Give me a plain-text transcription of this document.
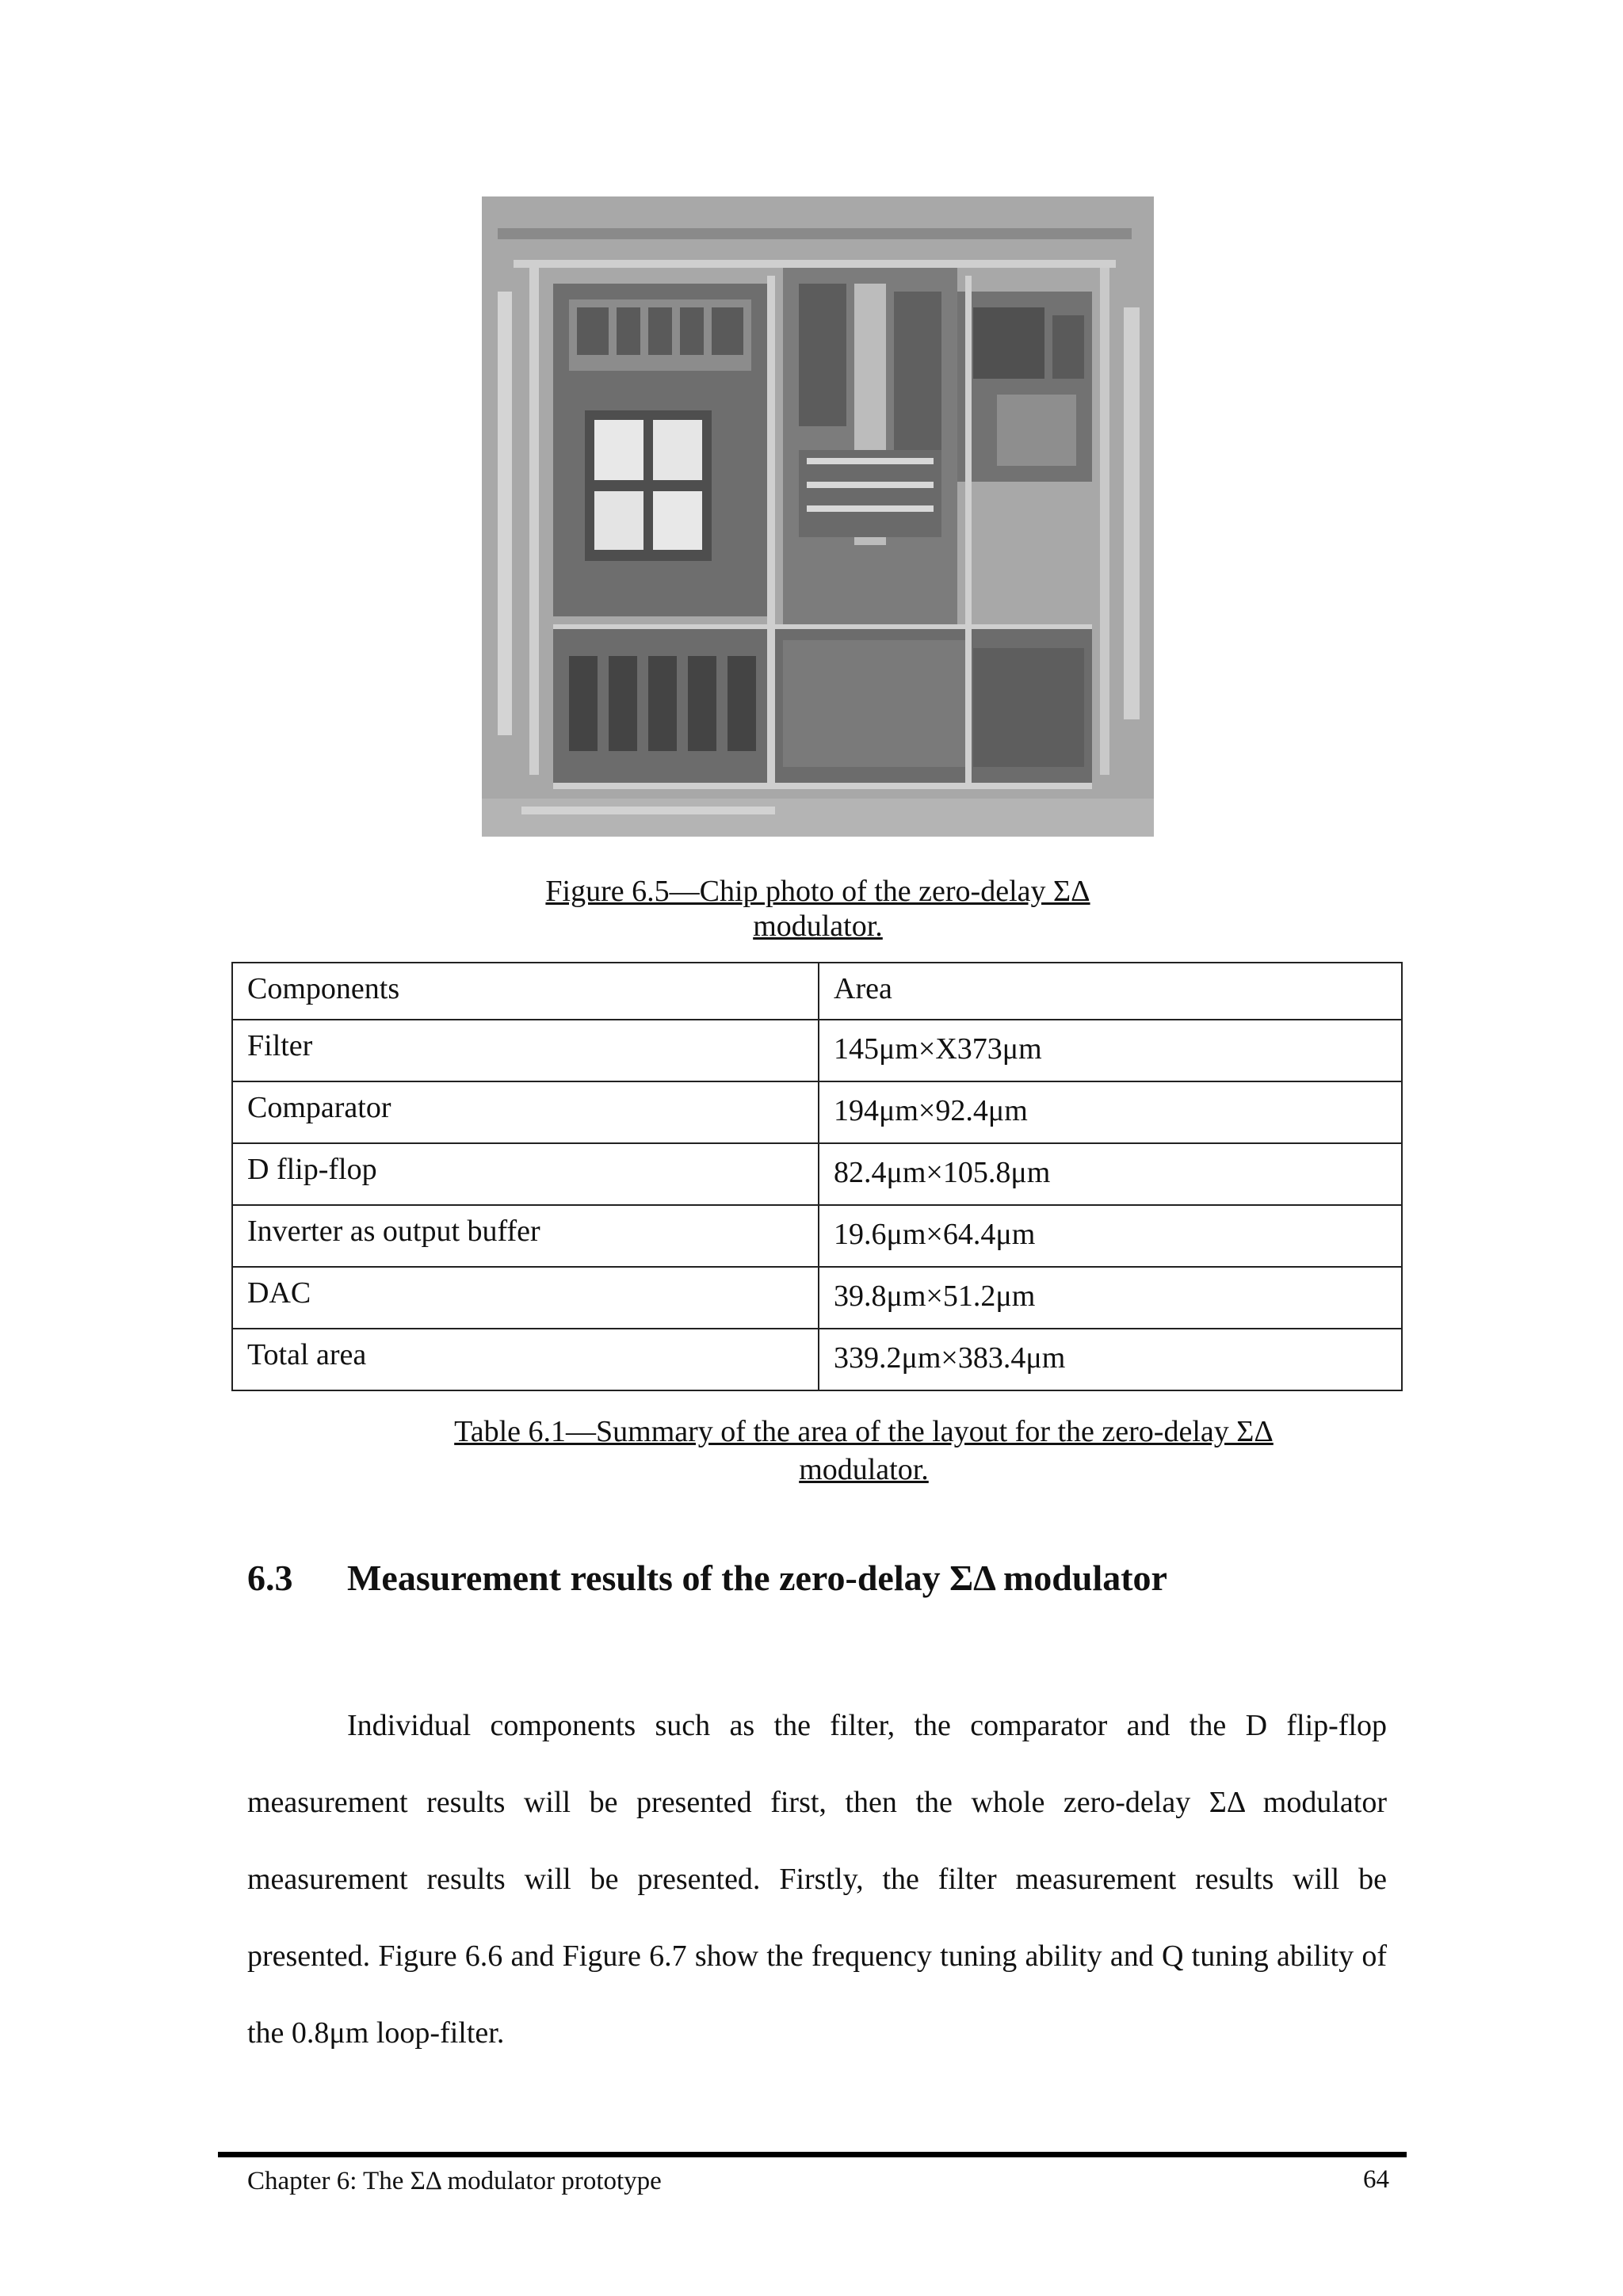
Figure 6.5—Chip photo of the zero-delay ΣΔ modulator.
Components	Area
Filter	145μm×X373μm
Comparator	194μm×92.4μm
D flip-flop	82.4μm×105.8μm
Inverter as output buffer	19.6μm×64.4μm
DAC	39.8μm×51.2μm
Total area	339.2μm×383.4μm
Table 6.1—Summary of the area of the layout for the zero-delay ΣΔ
modulator.
6.3 Measurement results of the zero-delay ΣΔ modulator
Individual components such as the filter, the comparator and the D flip-flop measurement results will be presented first, then the whole zero-delay ΣΔ modulator measurement results will be presented. Firstly, the filter measurement results will be presented. Figure 6.6 and Figure 6.7 show the frequency tuning ability and Q tuning ability of the 0.8μm loop-filter.
Chapter 6: The ΣΔ modulator prototype	64
